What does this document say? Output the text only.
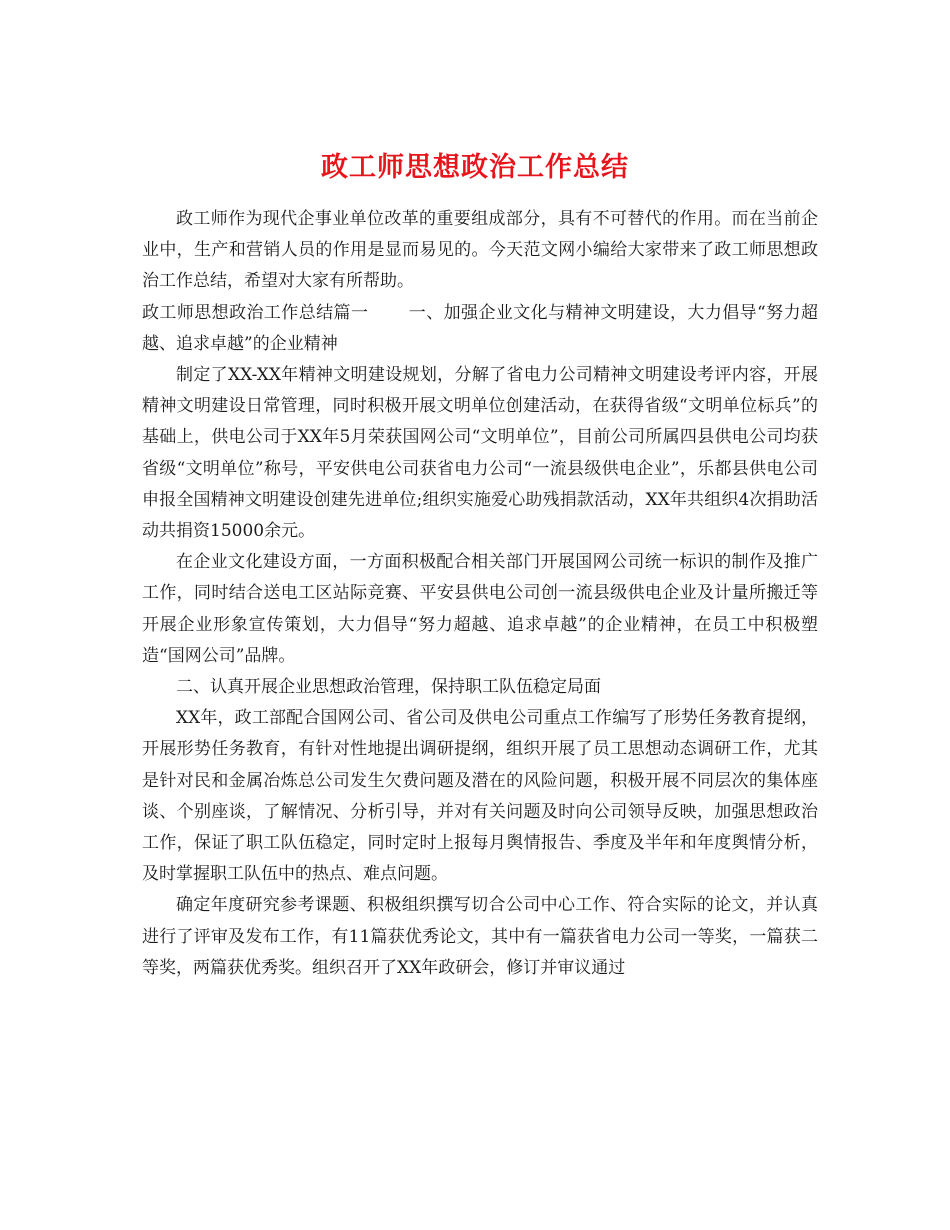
政工师思想政治工作总结

政工师作为现代企事业单位改革的重要组成部分，具有不可替代的作用。而在当前企业中，生产和营销人员的作用是显而易见的。今天范文网小编给大家带来了政工师思想政治工作总结，希望对大家有所帮助。

政工师思想政治工作总结篇一 一、加强企业文化与精神文明建设，大力倡导“努力超越、追求卓越”的企业精神

制定了XX-XX年精神文明建设规划，分解了省电力公司精神文明建设考评内容，开展精神文明建设日常管理，同时积极开展文明单位创建活动，在获得省级“文明单位标兵”的基础上，供电公司于XX年5月荣获国网公司“文明单位”，目前公司所属四县供电公司均获省级“文明单位”称号，平安供电公司获省电力公司“一流县级供电企业”，乐都县供电公司申报全国精神文明建设创建先进单位;组织实施爱心助残捐款活动，XX年共组织4次捐助活动共捐资15000余元。

在企业文化建设方面，一方面积极配合相关部门开展国网公司统一标识的制作及推广工作，同时结合送电工区站际竞赛、平安县供电公司创一流县级供电企业及计量所搬迁等开展企业形象宣传策划，大力倡导“努力超越、追求卓越”的企业精神，在员工中积极塑造“国网公司”品牌。

二、认真开展企业思想政治管理，保持职工队伍稳定局面

XX年，政工部配合国网公司、省公司及供电公司重点工作编写了形势任务教育提纲，开展形势任务教育，有针对性地提出调研提纲，组织开展了员工思想动态调研工作，尤其是针对民和金属冶炼总公司发生欠费问题及潜在的风险问题，积极开展不同层次的集体座谈、个别座谈，了解情况、分析引导，并对有关问题及时向公司领导反映，加强思想政治工作，保证了职工队伍稳定，同时定时上报每月舆情报告、季度及半年和年度舆情分析，及时掌握职工队伍中的热点、难点问题。

确定年度研究参考课题、积极组织撰写切合公司中心工作、符合实际的论文，并认真进行了评审及发布工作，有11篇获优秀论文，其中有一篇获省电力公司一等奖，一篇获二等奖，两篇获优秀奖。组织召开了XX年政研会，修订并审议通过
